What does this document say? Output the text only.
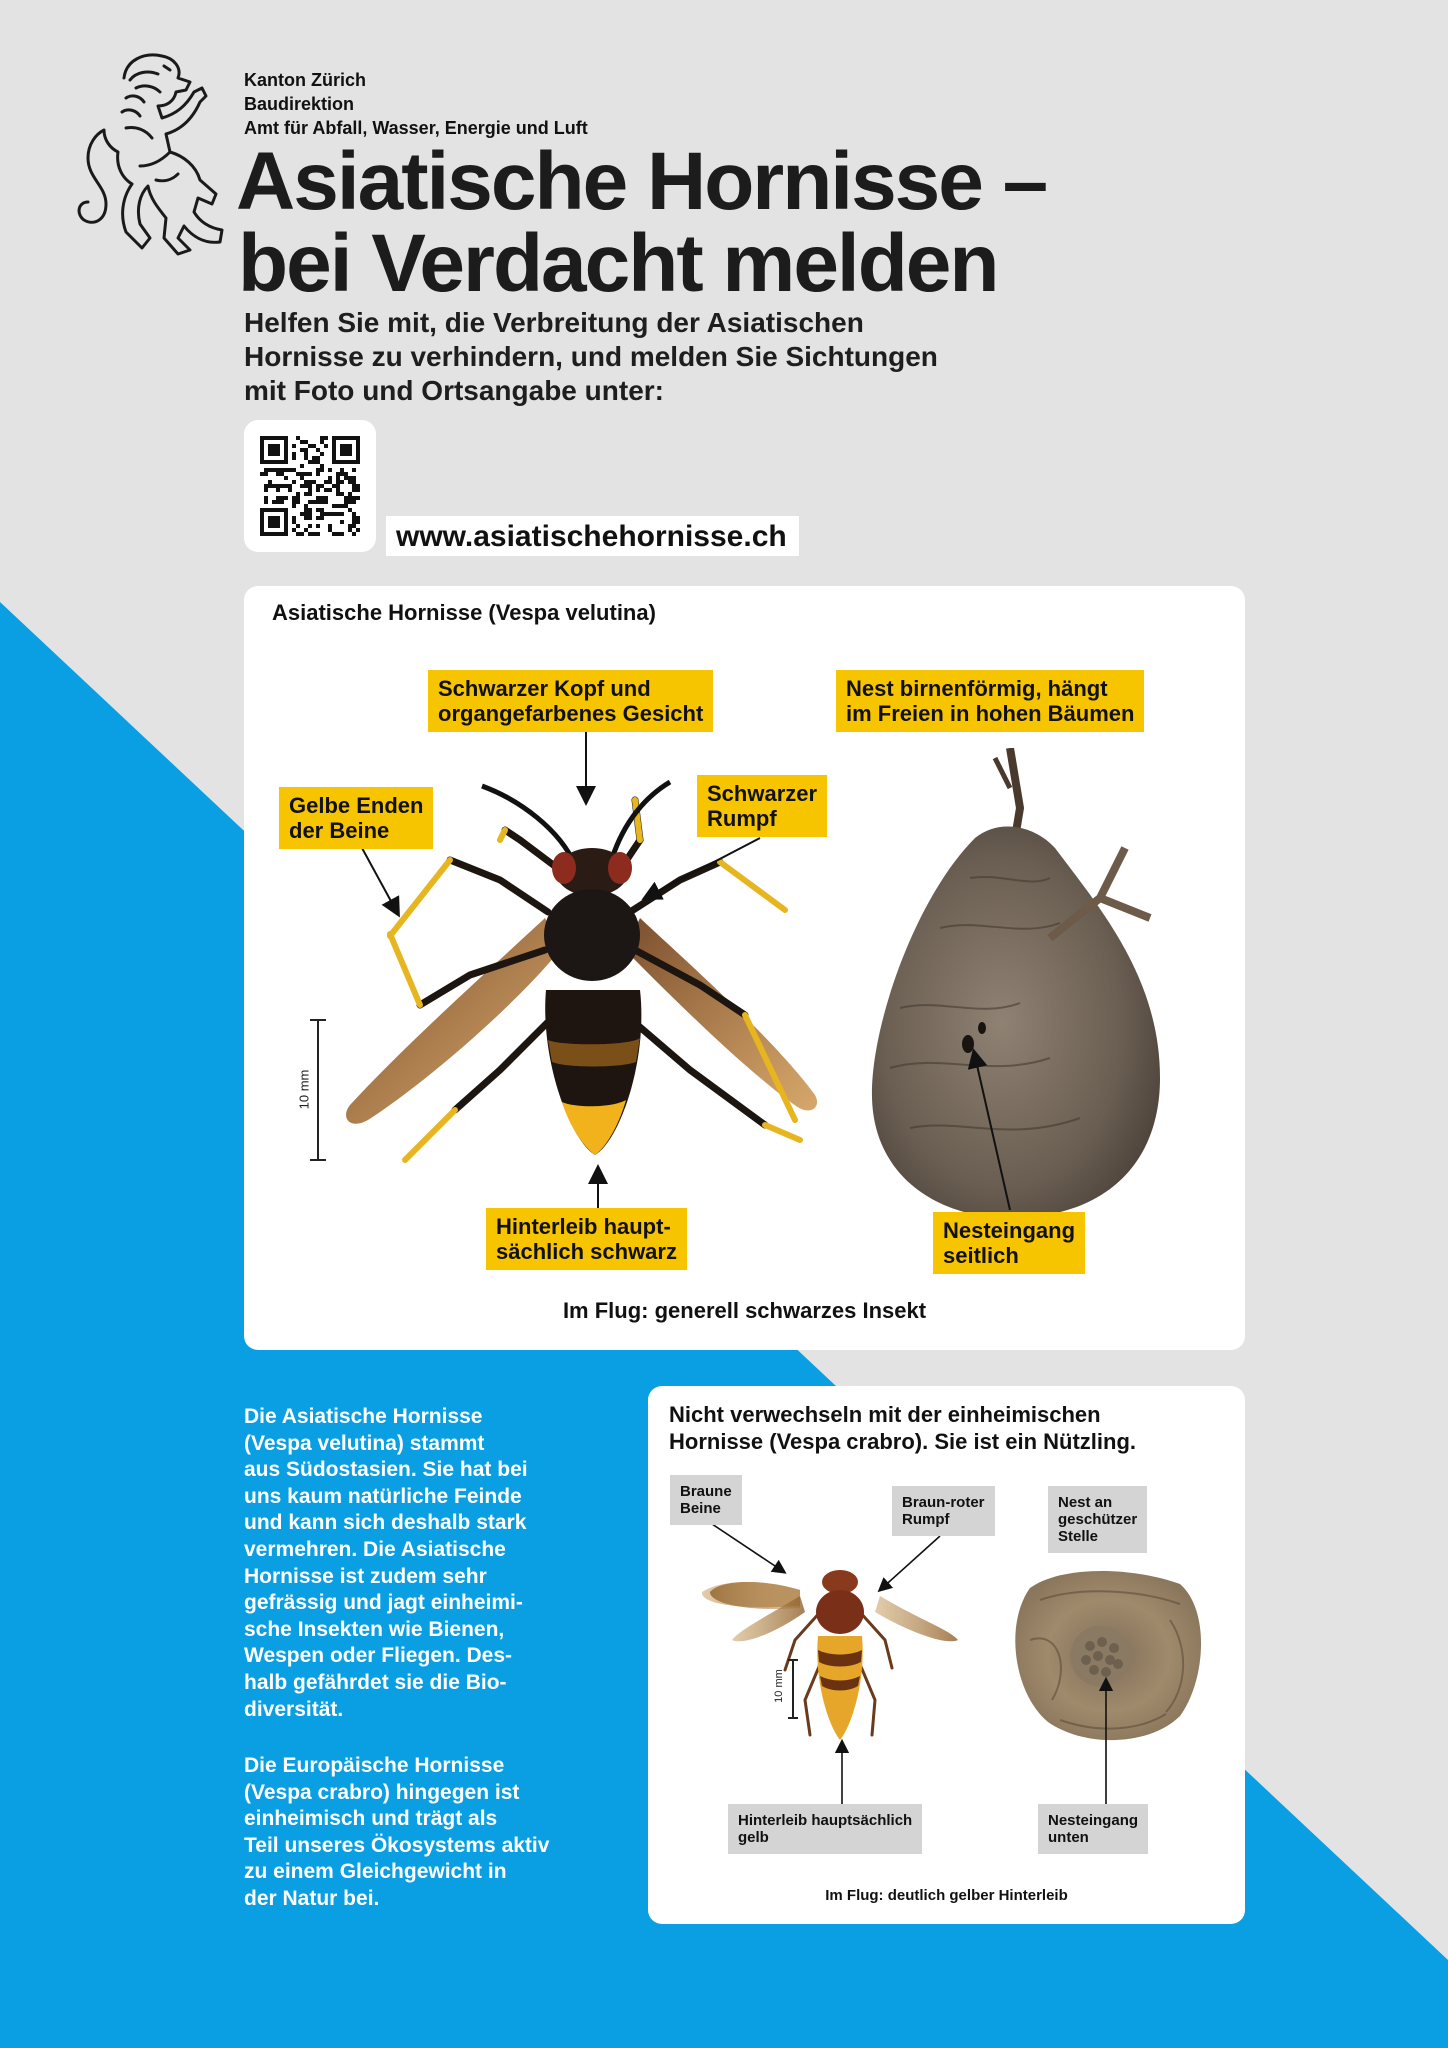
Kanton Zürich
Baudirektion
Amt für Abfall, Wasser, Energie und Luft
Asiatische Hornisse –
bei Verdacht melden
Helfen Sie mit, die Verbreitung der Asiatischen
Hornisse zu verhindern, und melden Sie Sichtungen
mit Foto und Ortsangabe unter:
www.asiatischehornisse.ch
Asiatische Hornisse (Vespa velutina)
10 mm
Schwarzer Kopf und
organgefarbenes Gesicht
Nest birnenförmig, hängt
im Freien in hohen Bäumen
Gelbe Enden
der Beine
Schwarzer
Rumpf
Hinterleib haupt-
sächlich schwarz
Nesteingang
seitlich
Im Flug: generell schwarzes Insekt
Die Asiatische Hornisse
(Vespa velutina) stammt
aus Südostasien. Sie hat bei
uns kaum natürliche Feinde
und kann sich deshalb stark
vermehren. Die Asiatische
Hornisse ist zudem sehr
gefrässig und jagt einheimi-
sche Insekten wie Bienen,
Wespen oder Fliegen. Des-
halb gefährdet sie die Bio-
diversität.
Die Europäische Hornisse
(Vespa crabro) hingegen ist
einheimisch und trägt als
Teil unseres Ökosystems aktiv
zu einem Gleichgewicht in
der Natur bei.
Nicht verwechseln mit der einheimischen
Hornisse (Vespa crabro). Sie ist ein Nützling.
10 mm
Braune
Beine	Braun-roter
Rumpf
Nest an
geschützer
Stelle
Hinterleib hauptsächlich
gelb
Nesteingang
unten
Im Flug: deutlich gelber Hinterleib
